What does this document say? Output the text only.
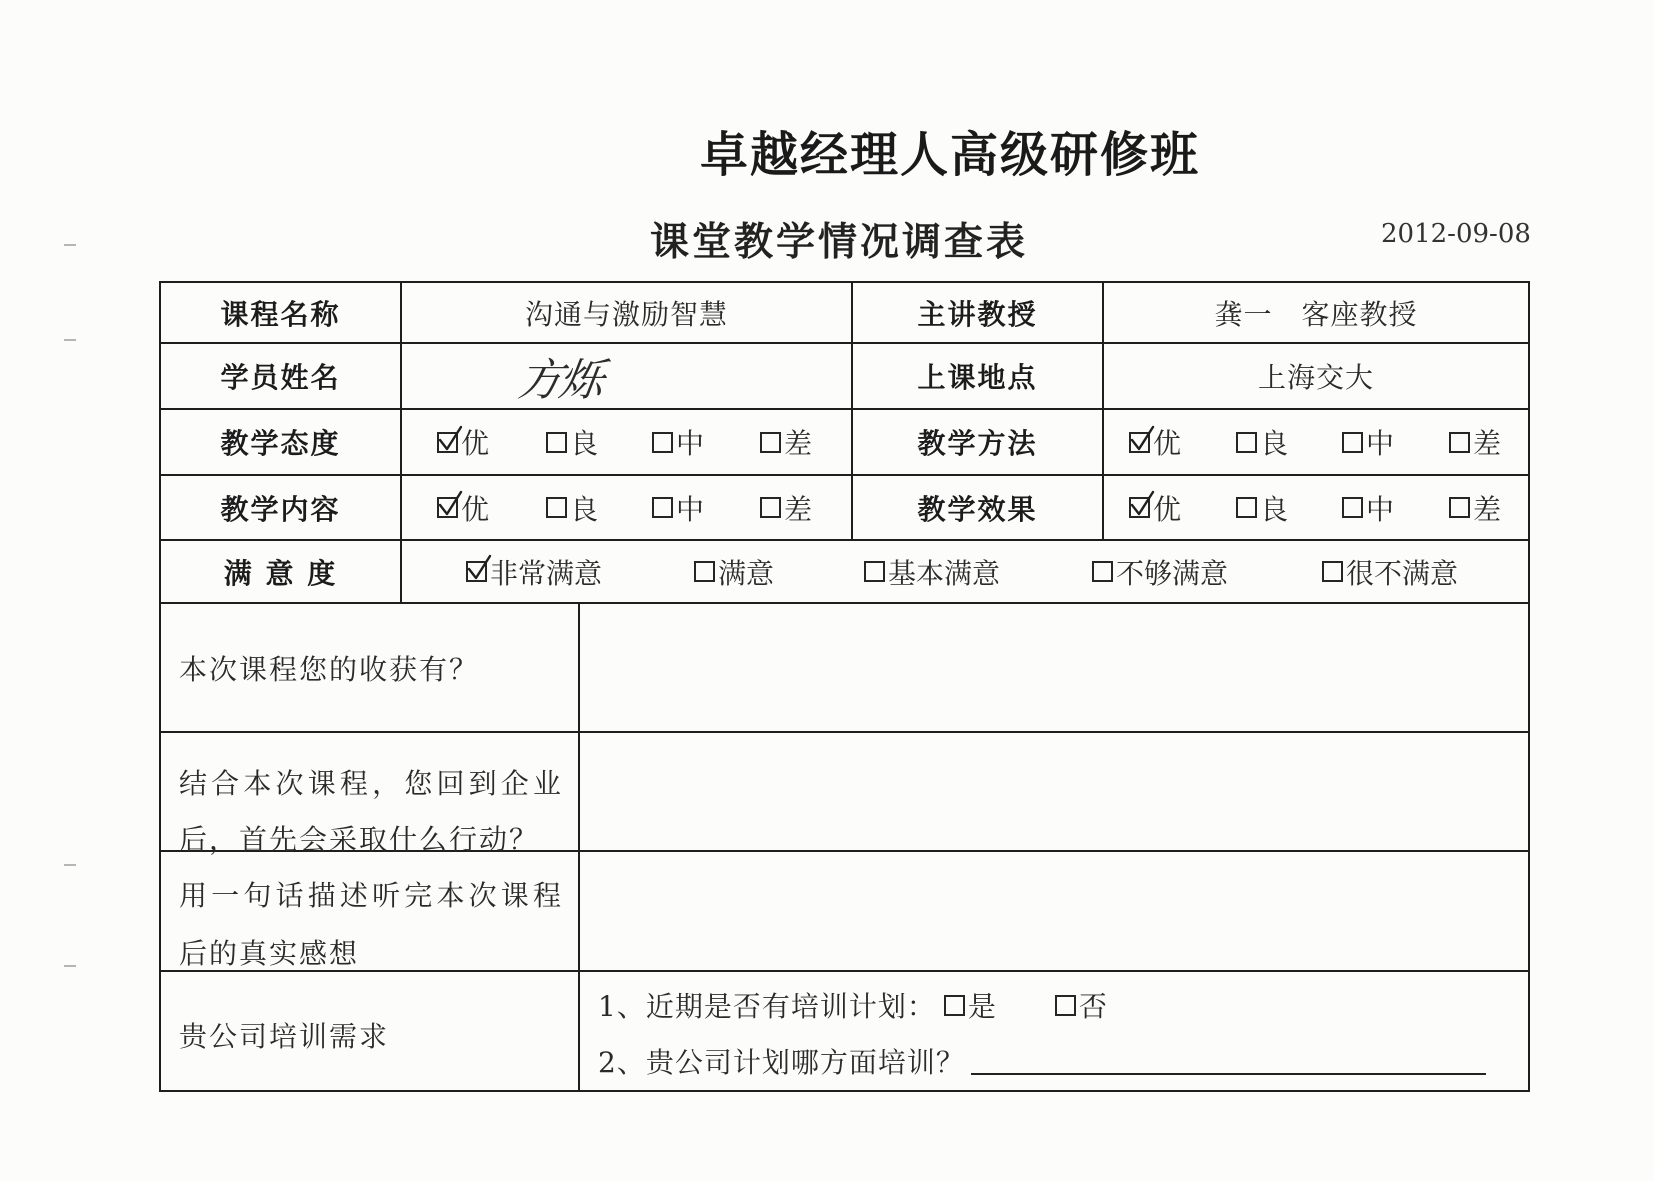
卓越经理人高级研修班
课堂教学情况调查表	2012-09-08
课程名称	沟通与激励智慧	主讲教授	龚一　客座教授
学员姓名	方烁	上课地点	上海交大
教学态度	优	良	中	差	教学方法	优	良	中	差
教学内容	优	良	中	差	教学效果	优	良	中	差
满 意 度	非常满意	满意	基本满意	不够满意	很不满意
本次课程您的收获有？
结合本次课程，您回到企业
后，首先会采取什么行动？
用一句话描述听完本次课程
后的真实感想
贵公司培训需求
1、近期是否有培训计划： 是	否
2、贵公司计划哪方面培训？
